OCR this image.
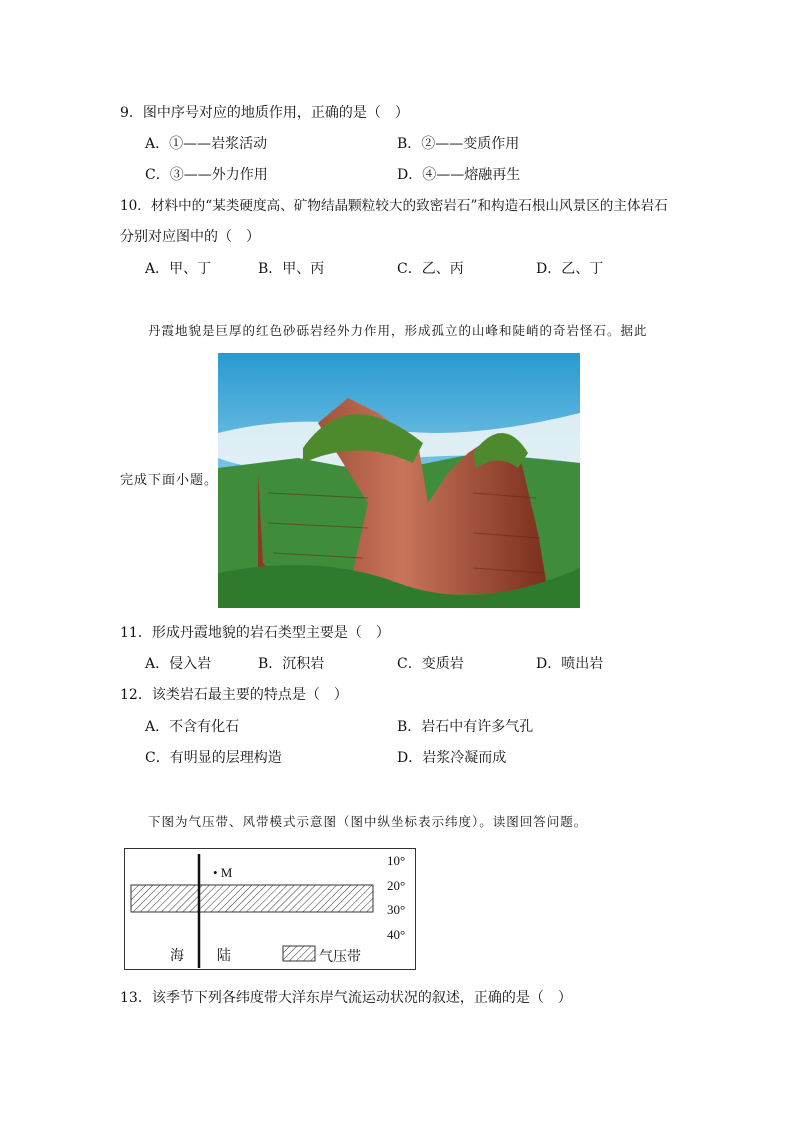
9．图中序号对应的地质作用，正确的是（　）
A．①——岩浆活动	B．②——变质作用
C．③——外力作用	D．④——熔融再生
10．材料中的“某类硬度高、矿物结晶颗粒较大的致密岩石”和构造石根山风景区的主体岩石
分别对应图中的（　）
A．甲、丁	B．甲、丙	C．乙、丙	D．乙、丁
丹霞地貌是巨厚的红色砂砾岩经外力作用，形成孤立的山峰和陡峭的奇岩怪石。据此
完成下面小题。
11．形成丹霞地貌的岩石类型主要是（　）
A．侵入岩	B．沉积岩	C．变质岩	D．喷出岩
12．该类岩石最主要的特点是（　）
A．不含有化石	B．岩石中有许多气孔
C．有明显的层理构造	D．岩浆冷凝而成
下图为气压带、风带模式示意图（图中纵坐标表示纬度）。读图回答问题。
• M
10°
20°
30°
40°
海 陆	气压带
13．该季节下列各纬度带大洋东岸气流运动状况的叙述，正确的是（　）
